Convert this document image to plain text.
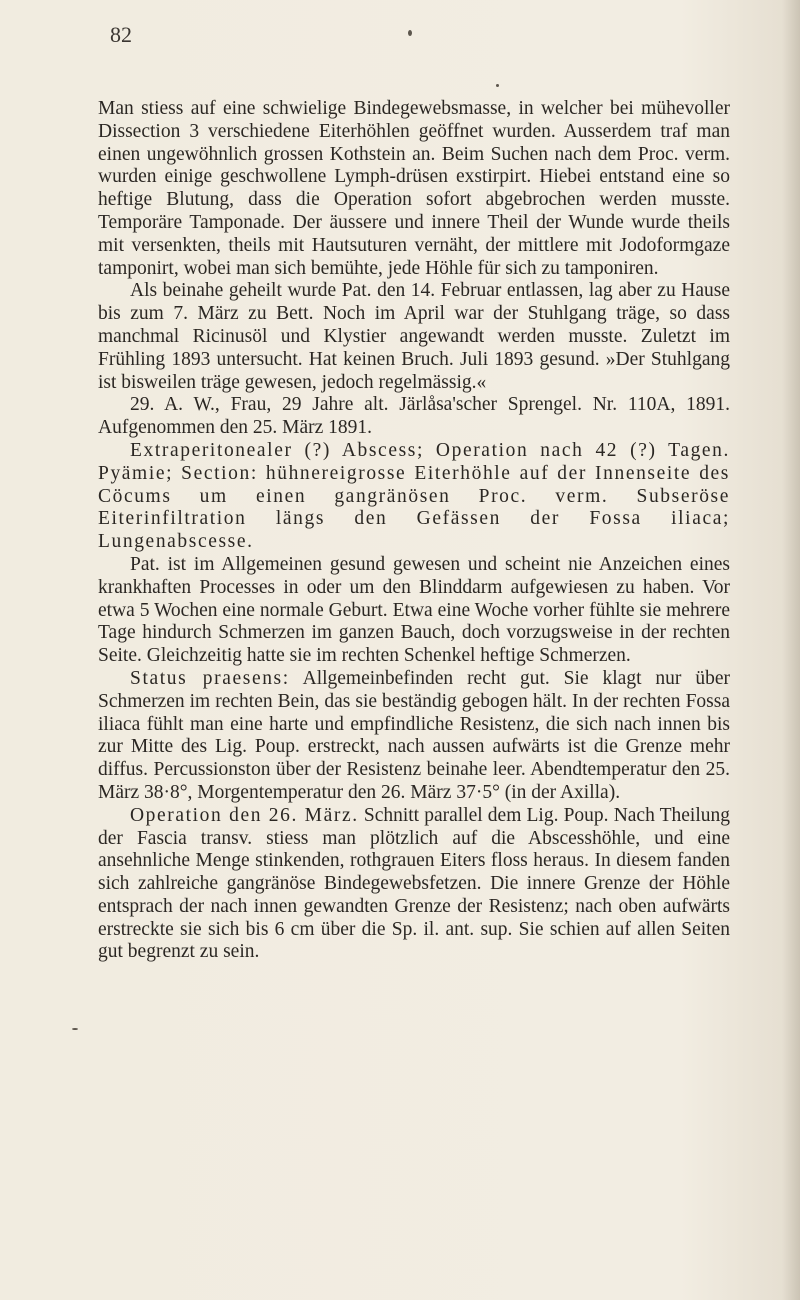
82

Man stiess auf eine schwielige Bindegewebsmasse, in welcher bei mühevoller Dissection 3 verschiedene Eiterhöhlen geöffnet wurden. Ausserdem traf man einen ungewöhnlich grossen Kothstein an. Beim Suchen nach dem Proc. verm. wurden einige geschwollene Lymph-drüsen exstirpirt. Hiebei entstand eine so heftige Blutung, dass die Operation sofort abgebrochen werden musste. Temporäre Tamponade. Der äussere und innere Theil der Wunde wurde theils mit versenkten, theils mit Hautsuturen vernäht, der mittlere mit Jodoformgaze tamponirt, wobei man sich bemühte, jede Höhle für sich zu tamponiren.

Als beinahe geheilt wurde Pat. den 14. Februar entlassen, lag aber zu Hause bis zum 7. März zu Bett. Noch im April war der Stuhlgang träge, so dass manchmal Ricinusöl und Klystier angewandt werden musste. Zuletzt im Frühling 1893 untersucht. Hat keinen Bruch. Juli 1893 gesund. »Der Stuhlgang ist bisweilen träge gewesen, jedoch regelmässig.«

29. A. W., Frau, 29 Jahre alt. Järlåsa'scher Sprengel. Nr. 110A, 1891. Aufgenommen den 25. März 1891.

Extraperitonealer (?) Abscess; Operation nach 42 (?) Tagen. Pyämie; Section: hühnereigrosse Eiterhöhle auf der Innenseite des Cöcums um einen gangränösen Proc. verm. Subseröse Eiterinfiltration längs den Gefässen der Fossa iliaca; Lungenabscesse.

Pat. ist im Allgemeinen gesund gewesen und scheint nie Anzeichen eines krankhaften Processes in oder um den Blinddarm aufgewiesen zu haben. Vor etwa 5 Wochen eine normale Geburt. Etwa eine Woche vorher fühlte sie mehrere Tage hindurch Schmerzen im ganzen Bauch, doch vorzugsweise in der rechten Seite. Gleichzeitig hatte sie im rechten Schenkel heftige Schmerzen.

Status praesens: Allgemeinbefinden recht gut. Sie klagt nur über Schmerzen im rechten Bein, das sie beständig gebogen hält. In der rechten Fossa iliaca fühlt man eine harte und empfindliche Resistenz, die sich nach innen bis zur Mitte des Lig. Poup. erstreckt, nach aussen aufwärts ist die Grenze mehr diffus. Percussionston über der Resistenz beinahe leer. Abendtemperatur den 25. März 38·8°, Morgentemperatur den 26. März 37·5° (in der Axilla).

Operation den 26. März. Schnitt parallel dem Lig. Poup. Nach Theilung der Fascia transv. stiess man plötzlich auf die Abscesshöhle, und eine ansehnliche Menge stinkenden, rothgrauen Eiters floss heraus. In diesem fanden sich zahlreiche gangränöse Bindegewebsfetzen. Die innere Grenze der Höhle entsprach der nach innen gewandten Grenze der Resistenz; nach oben aufwärts erstreckte sie sich bis 6 cm über die Sp. il. ant. sup. Sie schien auf allen Seiten gut begrenzt zu sein.
